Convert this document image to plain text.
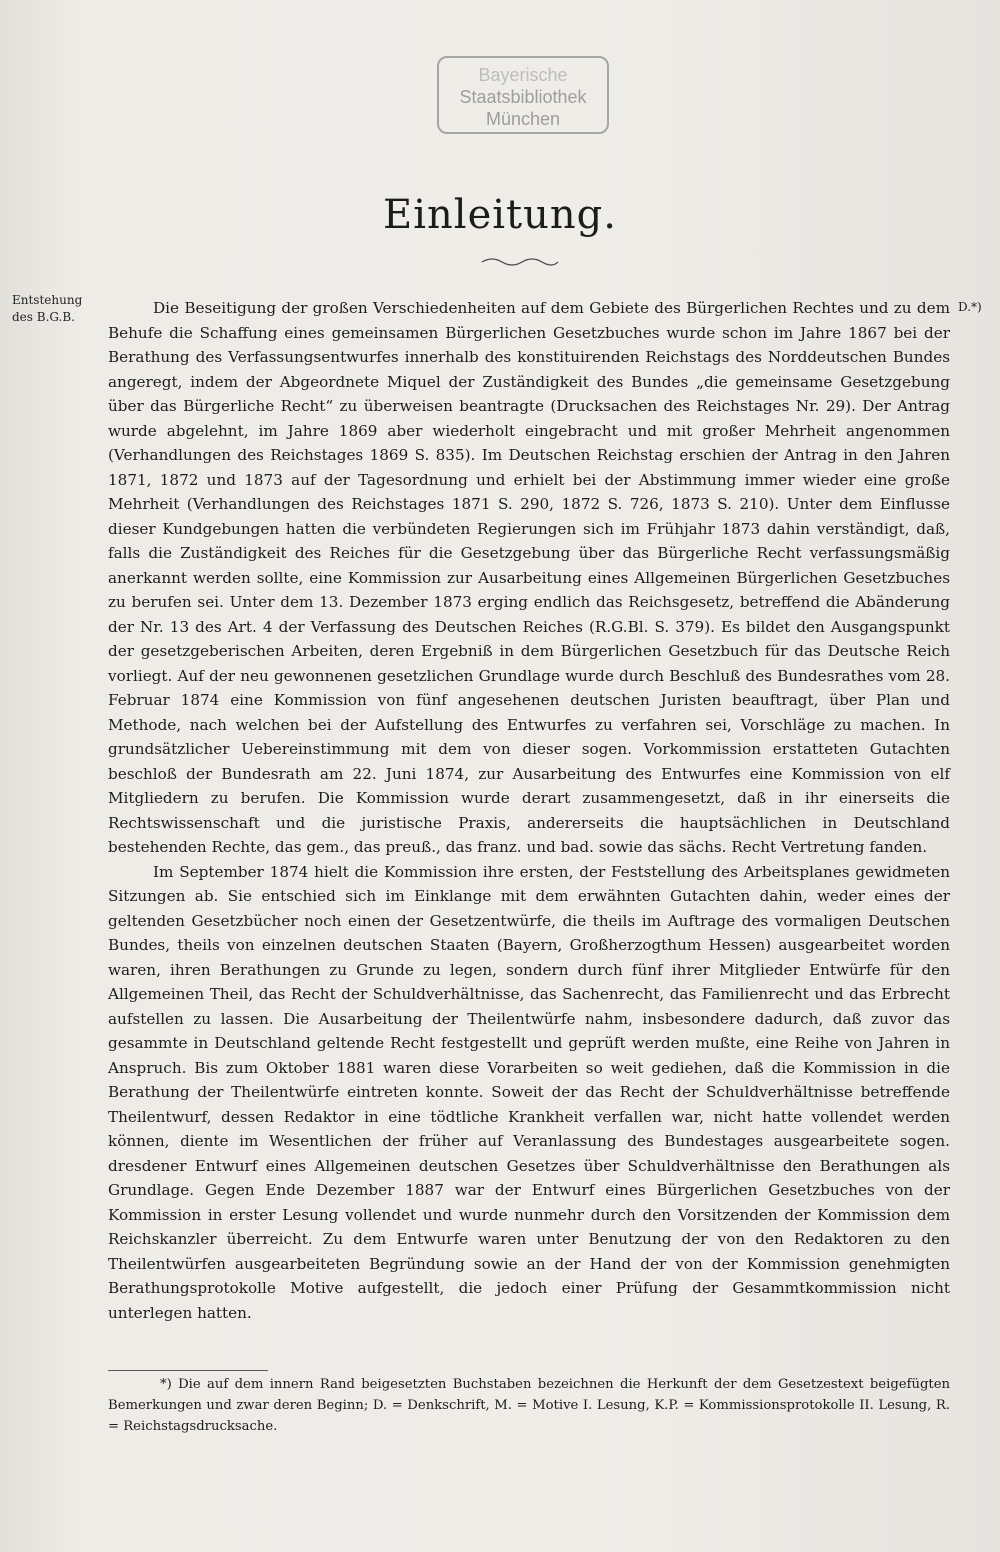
Bayerische
Staatsbibliothek
München
Einleitung.
Entstehung
des B.G.B.
D.*)

Die Beseitigung der großen Verschiedenheiten auf dem Gebiete des Bürgerlichen Rechtes und zu dem Behufe die Schaffung eines gemeinsamen Bürgerlichen Gesetzbuches wurde schon im Jahre 1867 bei der Berathung des Verfassungsentwurfes innerhalb des konstituirenden Reichstags des Norddeutschen Bundes angeregt, indem der Abgeordnete Miquel der Zuständigkeit des Bundes „die gemeinsame Gesetzgebung über das Bürgerliche Recht“ zu überweisen beantragte (Drucksachen des Reichstages Nr. 29). Der Antrag wurde abgelehnt, im Jahre 1869 aber wiederholt eingebracht und mit großer Mehrheit angenommen (Verhandlungen des Reichstages 1869 S. 835). Im Deutschen Reichstag erschien der Antrag in den Jahren 1871, 1872 und 1873 auf der Tagesordnung und erhielt bei der Abstimmung immer wieder eine große Mehrheit (Verhandlungen des Reichstages 1871 S. 290, 1872 S. 726, 1873 S. 210). Unter dem Einflusse dieser Kundgebungen hatten die verbündeten Regierungen sich im Frühjahr 1873 dahin verständigt, daß, falls die Zuständigkeit des Reiches für die Gesetzgebung über das Bürgerliche Recht verfassungsmäßig anerkannt werden sollte, eine Kommission zur Ausarbeitung eines Allgemeinen Bürgerlichen Gesetzbuches zu berufen sei. Unter dem 13. Dezember 1873 erging endlich das Reichsgesetz, betreffend die Abänderung der Nr. 13 des Art. 4 der Verfassung des Deutschen Reiches (R.G.Bl. S. 379). Es bildet den Ausgangspunkt der gesetzgeberischen Arbeiten, deren Ergebniß in dem Bürgerlichen Gesetzbuch für das Deutsche Reich vorliegt. Auf der neu gewonnenen gesetzlichen Grundlage wurde durch Beschluß des Bundesrathes vom 28. Februar 1874 eine Kommission von fünf angesehenen deutschen Juristen beauftragt, über Plan und Methode, nach welchen bei der Aufstellung des Entwurfes zu verfahren sei, Vorschläge zu machen. In grundsätzlicher Uebereinstimmung mit dem von dieser sogen. Vorkommission erstatteten Gutachten beschloß der Bundesrath am 22. Juni 1874, zur Ausarbeitung des Entwurfes eine Kommission von elf Mitgliedern zu berufen. Die Kommission wurde derart zusammengesetzt, daß in ihr einerseits die Rechtswissenschaft und die juristische Praxis, andererseits die hauptsächlichen in Deutschland bestehenden Rechte, das gem., das preuß., das franz. und bad. sowie das sächs. Recht Vertretung fanden.

Im September 1874 hielt die Kommission ihre ersten, der Feststellung des Arbeitsplanes gewidmeten Sitzungen ab. Sie entschied sich im Einklange mit dem erwähnten Gutachten dahin, weder eines der geltenden Gesetzbücher noch einen der Gesetzentwürfe, die theils im Auftrage des vormaligen Deutschen Bundes, theils von einzelnen deutschen Staaten (Bayern, Großherzogthum Hessen) ausgearbeitet worden waren, ihren Berathungen zu Grunde zu legen, sondern durch fünf ihrer Mitglieder Entwürfe für den Allgemeinen Theil, das Recht der Schuldverhältnisse, das Sachenrecht, das Familienrecht und das Erbrecht aufstellen zu lassen. Die Ausarbeitung der Theilentwürfe nahm, insbesondere dadurch, daß zuvor das gesammte in Deutschland geltende Recht festgestellt und geprüft werden mußte, eine Reihe von Jahren in Anspruch. Bis zum Oktober 1881 waren diese Vorarbeiten so weit gediehen, daß die Kommission in die Berathung der Theilentwürfe eintreten konnte. Soweit der das Recht der Schuldverhältnisse betreffende Theilentwurf, dessen Redaktor in eine tödtliche Krankheit verfallen war, nicht hatte vollendet werden können, diente im Wesentlichen der früher auf Veranlassung des Bundestages ausgearbeitete sogen. dresdener Entwurf eines Allgemeinen deutschen Gesetzes über Schuldverhältnisse den Berathungen als Grundlage. Gegen Ende Dezember 1887 war der Entwurf eines Bürgerlichen Gesetzbuches von der Kommission in erster Lesung vollendet und wurde nunmehr durch den Vorsitzenden der Kommission dem Reichskanzler überreicht. Zu dem Entwurfe waren unter Benutzung der von den Redaktoren zu den Theilentwürfen ausgearbeiteten Begründung sowie an der Hand der von der Kommission genehmigten Berathungsprotokolle Motive aufgestellt, die jedoch einer Prüfung der Gesammtkommission nicht unterlegen hatten.

*) Die auf dem innern Rand beigesetzten Buchstaben bezeichnen die Herkunft der dem Gesetzestext beigefügten Bemerkungen und zwar deren Beginn; D. = Denkschrift, M. = Motive I. Lesung, K.P. = Kommissionsprotokolle II. Lesung, R. = Reichstagsdrucksache.
